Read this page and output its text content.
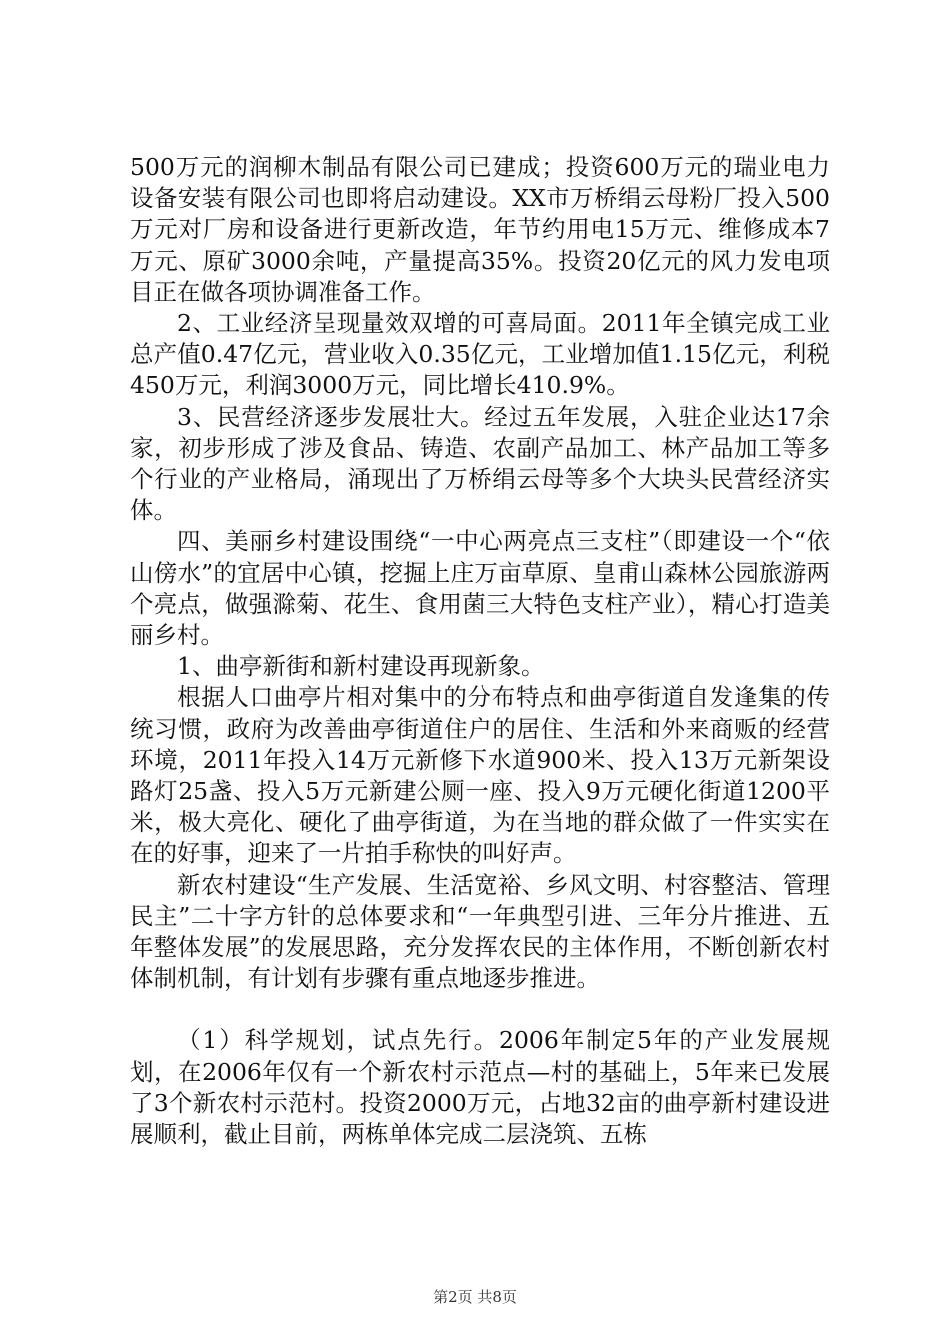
500万元的润柳木制品有限公司已建成；投资600万元的瑞业电力设备安装有限公司也即将启动建设。XX市万桥绢云母粉厂投入500万元对厂房和设备进行更新改造，年节约用电15万元、维修成本7万元、原矿3000余吨，产量提高35%。投资20亿元的风力发电项目正在做各项协调准备工作。

2、工业经济呈现量效双增的可喜局面。2011年全镇完成工业总产值0.47亿元，营业收入0.35亿元，工业增加值1.15亿元，利税450万元，利润3000万元，同比增长410.9%。

3、民营经济逐步发展壮大。经过五年发展，入驻企业达17余家，初步形成了涉及食品、铸造、农副产品加工、林产品加工等多个行业的产业格局，涌现出了万桥绢云母等多个大块头民营经济实体。

四、美丽乡村建设围绕“一中心两亮点三支柱”（即建设一个“依山傍水”的宜居中心镇，挖掘上庄万亩草原、皇甫山森林公园旅游两个亮点，做强滁菊、花生、食用菌三大特色支柱产业），精心打造美丽乡村。

1、曲亭新街和新村建设再现新象。

根据人口曲亭片相对集中的分布特点和曲亭街道自发逢集的传统习惯，政府为改善曲亭街道住户的居住、生活和外来商贩的经营环境，2011年投入14万元新修下水道900米、投入13万元新架设路灯25盏、投入5万元新建公厕一座、投入9万元硬化街道1200平米，极大亮化、硬化了曲亭街道，为在当地的群众做了一件实实在在的好事，迎来了一片拍手称快的叫好声。

新农村建设“生产发展、生活宽裕、乡风文明、村容整洁、管理民主”二十字方针的总体要求和“一年典型引进、三年分片推进、五年整体发展”的发展思路，充分发挥农民的主体作用，不断创新农村体制机制，有计划有步骤有重点地逐步推进。

（1）科学规划，试点先行。2006年制定5年的产业发展规划，在2006年仅有一个新农村示范点—村的基础上，5年来已发展了3个新农村示范村。投资2000万元，占地32亩的曲亭新村建设进展顺利，截止目前，两栋单体完成二层浇筑、五栋

第2页 共8页
